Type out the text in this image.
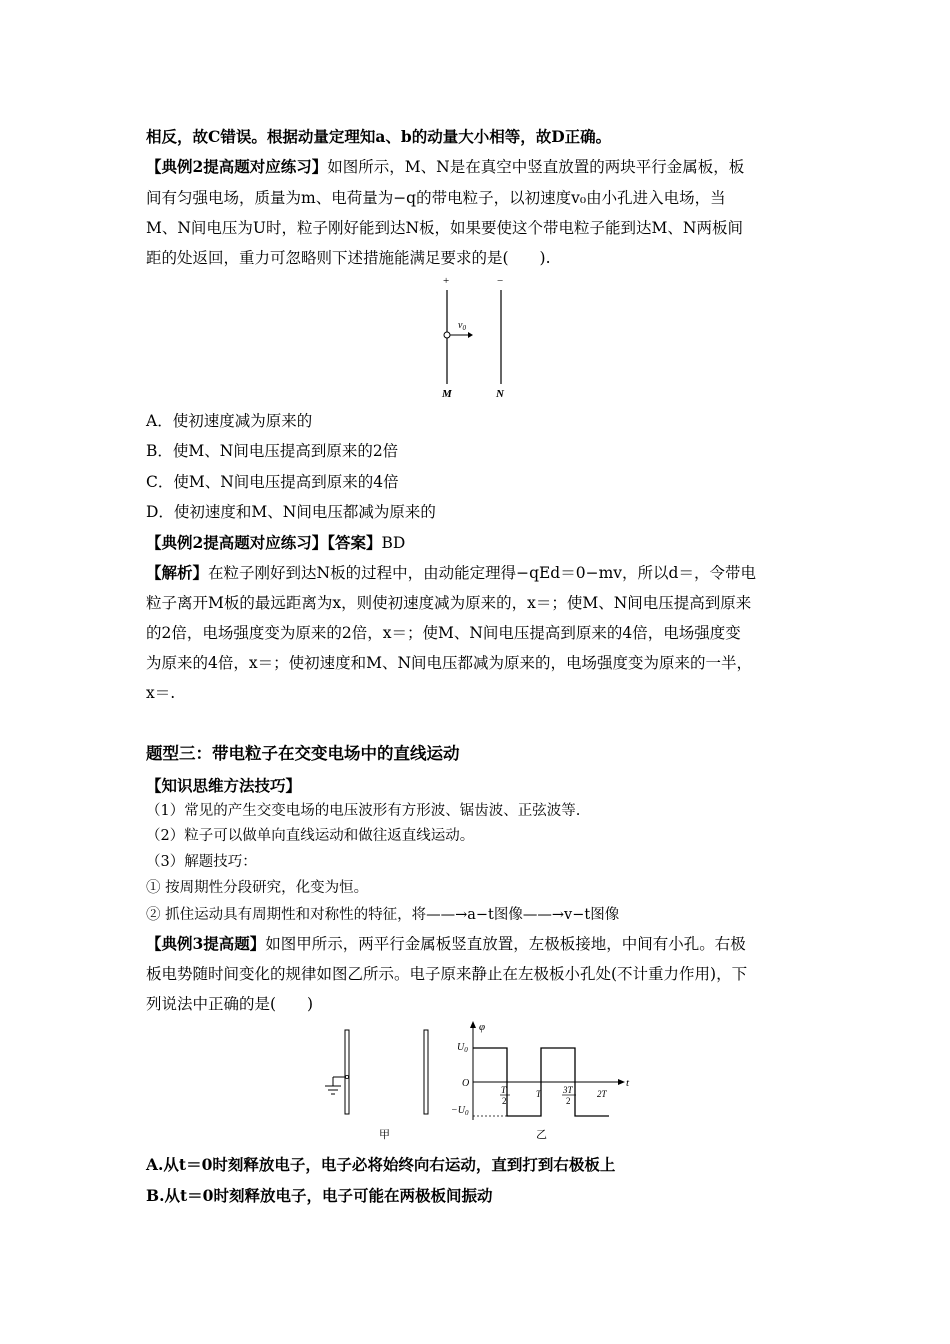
相反，故C错误。根据动量定理知a、b的动量大小相等，故D正确。
【典例2提高题对应练习】如图所示，M、N是在真空中竖直放置的两块平行金属板，板
间有匀强电场，质量为m、电荷量为−q的带电粒子，以初速度v₀由小孔进入电场，当
M、N间电压为U时，粒子刚好能到达N板，如果要使这个带电粒子能到达M、N两板间
距的处返回，重力可忽略则下述措施能满足要求的是(　　).
+	−
$v_0$
M	N
A．使初速度减为原来的
B．使M、N间电压提高到原来的2倍
C．使M、N间电压提高到原来的4倍
D．使初速度和M、N间电压都减为原来的
【典例2提高题对应练习】【答案】BD
【解析】在粒子刚好到达N板的过程中，由动能定理得−qEd＝0−mv，所以d＝，令带电
粒子离开M板的最远距离为x，则使初速度减为原来的，x＝；使M、N间电压提高到原来
的2倍，电场强度变为原来的2倍，x＝；使M、N间电压提高到原来的4倍，电场强度变
为原来的4倍，x＝；使初速度和M、N间电压都减为原来的，电场强度变为原来的一半，
x＝.
题型三：带电粒子在交变电场中的直线运动
【知识思维方法技巧】
（1）常见的产生交变电场的电压波形有方形波、锯齿波、正弦波等.
（2）粒子可以做单向直线运动和做往返直线运动。
（3）解题技巧：
① 按周期性分段研究，化变为恒。
② 抓住运动具有周期性和对称性的特征，将——→a−t图像——→v−t图像
【典例3提高题】如图甲所示，两平行金属板竖直放置，左极板接地，中间有小孔。右极
板电势随时间变化的规律如图乙所示。电子原来静止在左极板小孔处(不计重力作用)，下
列说法中正确的是(　　)
甲
φ
t
O
$U_0$
$-U_0$
T
2
T 3T
2
2T
乙
A.从t＝0时刻释放电子，电子必将始终向右运动，直到打到右极板上
B.从t＝0时刻释放电子，电子可能在两极板间振动
